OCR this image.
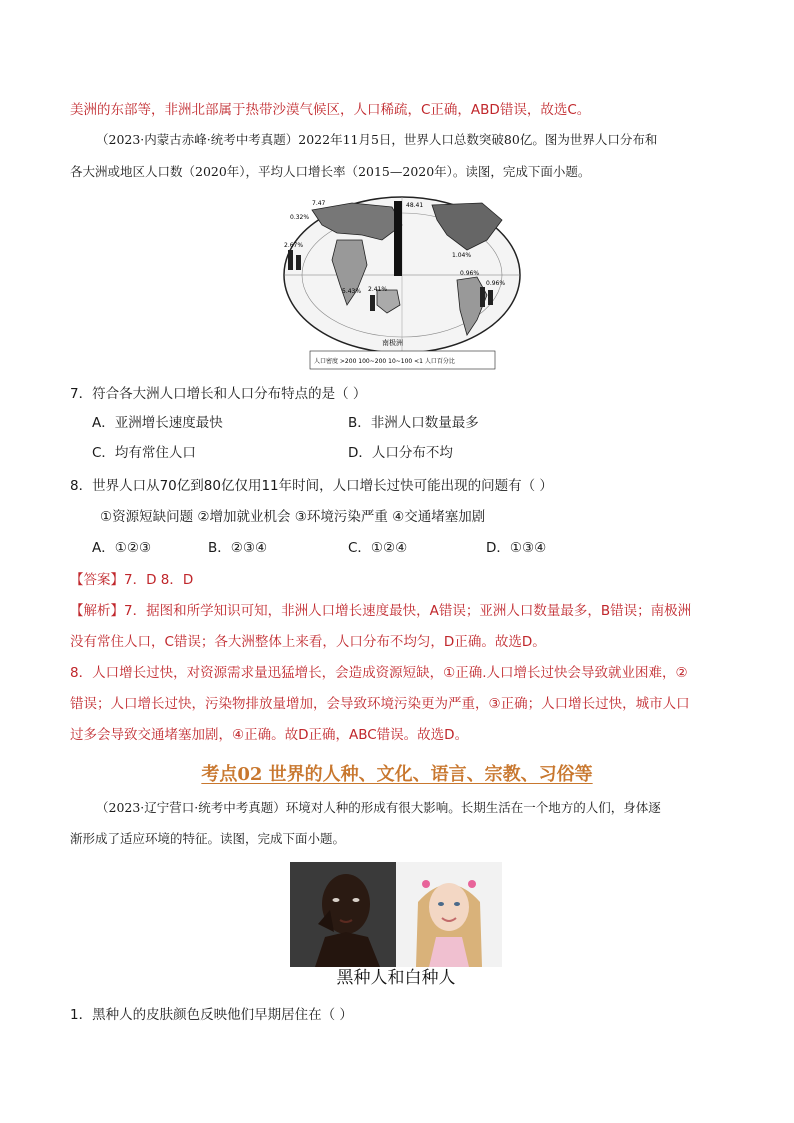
美洲的东部等，非洲北部属于热带沙漠气候区，人口稀疏，C正确，ABD错误，故选C。
（2023·内蒙古赤峰·统考中考真题）2022年11月5日，世界人口总数突破80亿。图为世界人口分布和
各大洲或地区人口数（2020年），平均人口增长率（2015—2020年）。读图，完成下面小题。
7.47
0.32%
2.67%
48.41
1.04%
5.43%
0.96%
2.41%
0.96%
南极洲
人口密度 >200 100~200 10~100 <1 人口百分比
7．符合各大洲人口增长和人口分布特点的是（ ）
A．亚洲增长速度最快	B．非洲人口数量最多
C．均有常住人口	D．人口分布不均
8．世界人口从70亿到80亿仅用11年时间，人口增长过快可能出现的问题有（ ）
①资源短缺问题 ②增加就业机会 ③环境污染严重 ④交通堵塞加剧
A．①②③	B．②③④	C．①②④	D．①③④
【答案】7．D 8．D
【解析】7．据图和所学知识可知，非洲人口增长速度最快，A错误；亚洲人口数量最多，B错误；南极洲
没有常住人口，C错误；各大洲整体上来看，人口分布不均匀，D正确。故选D。
8．人口增长过快，对资源需求量迅猛增长，会造成资源短缺，①正确.人口增长过快会导致就业困难，②
错误；人口增长过快，污染物排放量增加，会导致环境污染更为严重，③正确；人口增长过快，城市人口
过多会导致交通堵塞加剧，④正确。故D正确，ABC错误。故选D。
考点02 世界的人种、文化、语言、宗教、习俗等
（2023·辽宁营口·统考中考真题）环境对人种的形成有很大影响。长期生活在一个地方的人们，身体逐
渐形成了适应环境的特征。读图，完成下面小题。
黑种人和白种人
1．黑种人的皮肤颜色反映他们早期居住在（ ）
